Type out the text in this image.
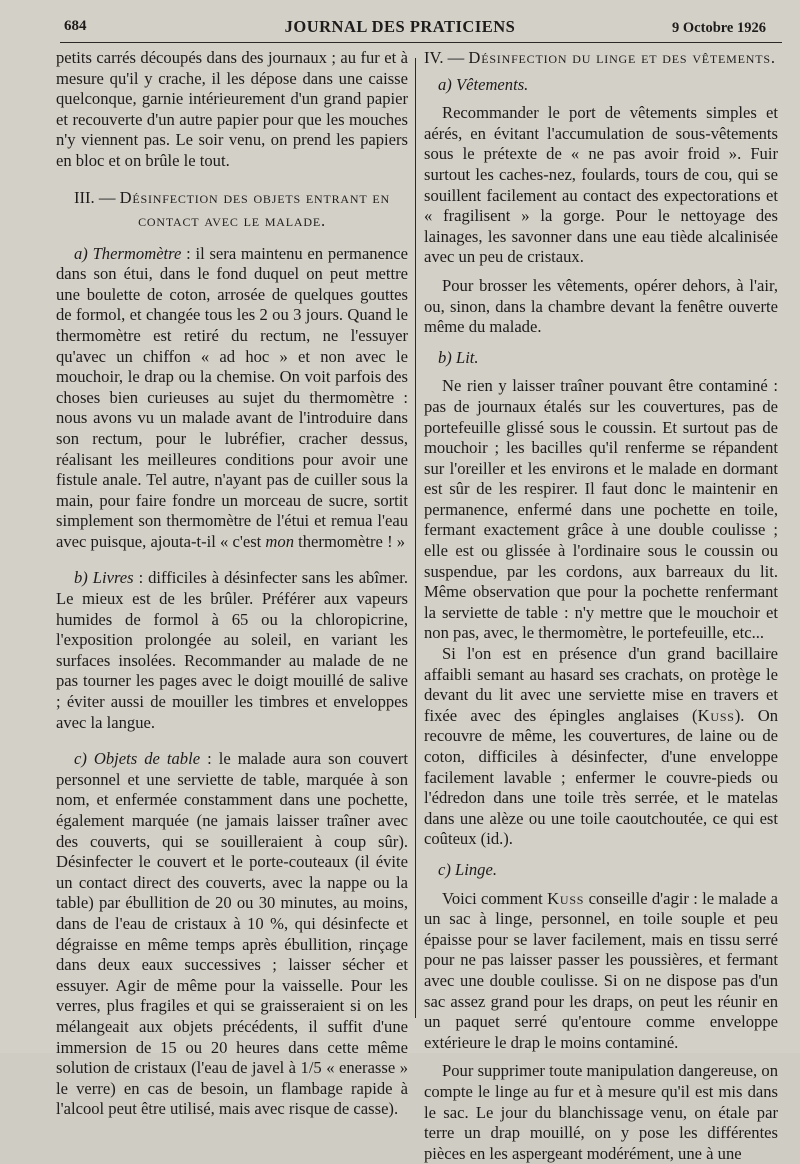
684	JOURNAL DES PRATICIENS	9 Octobre 1926

petits carrés découpés dans des journaux ; au fur et à mesure qu'il y crache, il les dépose dans une caisse quelconque, garnie intérieurement d'un grand papier et recouverte d'un autre papier pour que les mouches n'y viennent pas. Le soir venu, on prend les papiers en bloc et on brûle le tout.

III. — Désinfection des objets entrant en
contact avec le malade.

a) Thermomètre : il sera maintenu en permanence dans son étui, dans le fond duquel on peut mettre une boulette de coton, arrosée de quelques gouttes de formol, et changée tous les 2 ou 3 jours. Quand le thermomètre est retiré du rectum, ne l'essuyer qu'avec un chiffon « ad hoc » et non avec le mouchoir, le drap ou la chemise. On voit parfois des choses bien curieuses au sujet du thermomètre : nous avons vu un malade avant de l'introduire dans son rectum, pour le lubréfier, cracher dessus, réalisant les meilleures conditions pour avoir une fistule anale. Tel autre, n'ayant pas de cuiller sous la main, pour faire fondre un morceau de sucre, sortit simplement son thermomètre de l'étui et remua l'eau avec puisque, ajouta-t-il « c'est mon thermomètre ! »

b) Livres : difficiles à désinfecter sans les abîmer. Le mieux est de les brûler. Préférer aux vapeurs humides de formol à 65 ou la chloropicrine, l'exposition prolongée au soleil, en variant les surfaces insolées. Recommander au malade de ne pas tourner les pages avec le doigt mouillé de salive ; éviter aussi de mouiller les timbres et enveloppes avec la langue.

c) Objets de table : le malade aura son couvert personnel et une serviette de table, marquée à son nom, et enfermée constamment dans une pochette, également marquée (ne jamais laisser traîner avec des couverts, qui se souilleraient à coup sûr). Désinfecter le couvert et le porte-couteaux (il évite un contact direct des couverts, avec la nappe ou la table) par ébullition de 20 ou 30 minutes, au moins, dans de l'eau de cristaux à 10 %, qui désinfecte et dégraisse en même temps après ébullition, rinçage dans deux eaux successives ; laisser sécher et essuyer. Agir de même pour la vaisselle. Pour les verres, plus fragiles et qui se graisseraient si on les mélangeait aux objets précédents, il suffit d'une immersion de 15 ou 20 heures dans cette même solution de cristaux (l'eau de javel à 1/5 « enerasse » le verre) en cas de besoin, un flambage rapide à l'alcool peut être utilisé, mais avec risque de casse).

IV. — Désinfection du linge et des vêtements.

a) Vêtements.

Recommander le port de vêtements simples et aérés, en évitant l'accumulation de sous-vêtements sous le prétexte de « ne pas avoir froid ». Fuir surtout les caches-nez, foulards, tours de cou, qui se souillent facilement au contact des expectorations et « fragilisent » la gorge. Pour le nettoyage des lainages, les savonner dans une eau tiède alcalinisée avec un peu de cristaux.

Pour brosser les vêtements, opérer dehors, à l'air, ou, sinon, dans la chambre devant la fenêtre ouverte même du malade.

b) Lit.

Ne rien y laisser traîner pouvant être contaminé : pas de journaux étalés sur les couvertures, pas de portefeuille glissé sous le coussin. Et surtout pas de mouchoir ; les bacilles qu'il renferme se répandent sur l'oreiller et les environs et le malade en dormant est sûr de les respirer. Il faut donc le maintenir en permanence, enfermé dans une pochette en toile, fermant exactement grâce à une double coulisse ; elle est ou glissée à l'ordinaire sous le coussin ou suspendue, par les cordons, aux barreaux du lit. Même observation que pour la pochette renfermant la serviette de table : n'y mettre que le mouchoir et non pas, avec, le thermomètre, le portefeuille, etc...

Si l'on est en présence d'un grand bacillaire affaibli semant au hasard ses crachats, on protège le devant du lit avec une serviette mise en travers et fixée avec des épingles anglaises (Kuss). On recouvre de même, les couvertures, de laine ou de coton, difficiles à désinfecter, d'une enveloppe facilement lavable ; enfermer le couvre-pieds ou l'édredon dans une toile très serrée, et le matelas dans une alèze ou une toile caoutchoutée, ce qui est coûteux (id.).

c) Linge.

Voici comment Kuss conseille d'agir : le malade a un sac à linge, personnel, en toile souple et peu épaisse pour se laver facilement, mais en tissu serré pour ne pas laisser passer les poussières, et fermant avec une double coulisse. Si on ne dispose pas d'un sac assez grand pour les draps, on peut les réunir en un paquet serré qu'entoure comme enveloppe extérieure le drap le moins contaminé.

Pour supprimer toute manipulation dangereuse, on compte le linge au fur et à mesure qu'il est mis dans le sac. Le jour du blanchissage venu, on étale par terre un drap mouillé, on y pose les différentes pièces en les aspergeant modérément, une à une
